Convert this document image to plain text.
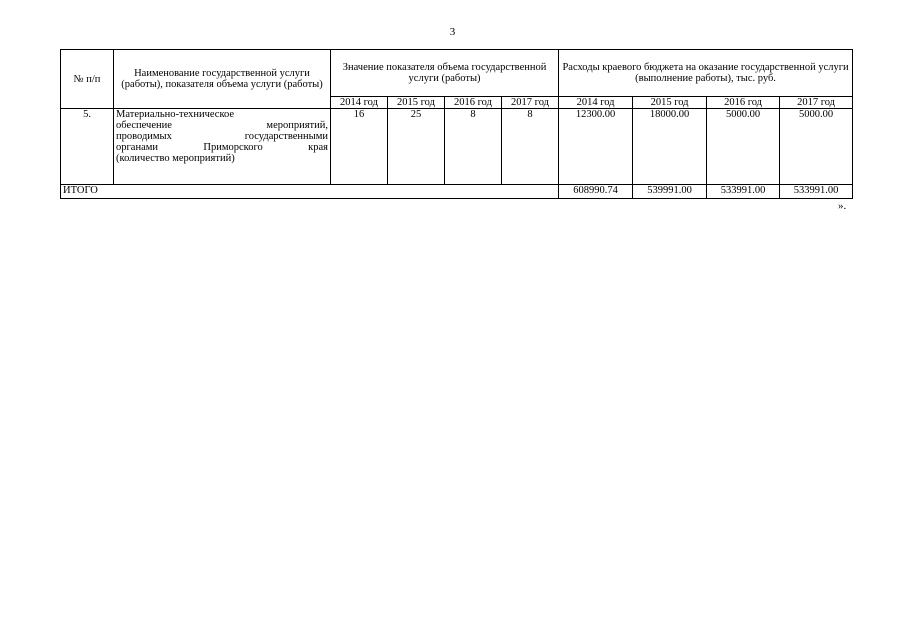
3
№ п/п	Наименование государственной услуги (работы), показателя объема услуги (работы)	Значение показателя объема государственной услуги (работы)				Расходы краевого бюджета на оказание государственной услуги (выполнение работы), тыс. руб.			
		2014 год	2015 год	2016 год	2017 год	2014 год	2015 год	2016 год	2017 год
5.	Материально-техническое
обеспечение мероприятий,
проводимых государственными
органами Приморского края
(количество мероприятий)	16	25	8	8	12300.00	18000.00	5000.00	5000.00
ИТОГО						608990.74	539991.00	533991.00	533991.00
».
